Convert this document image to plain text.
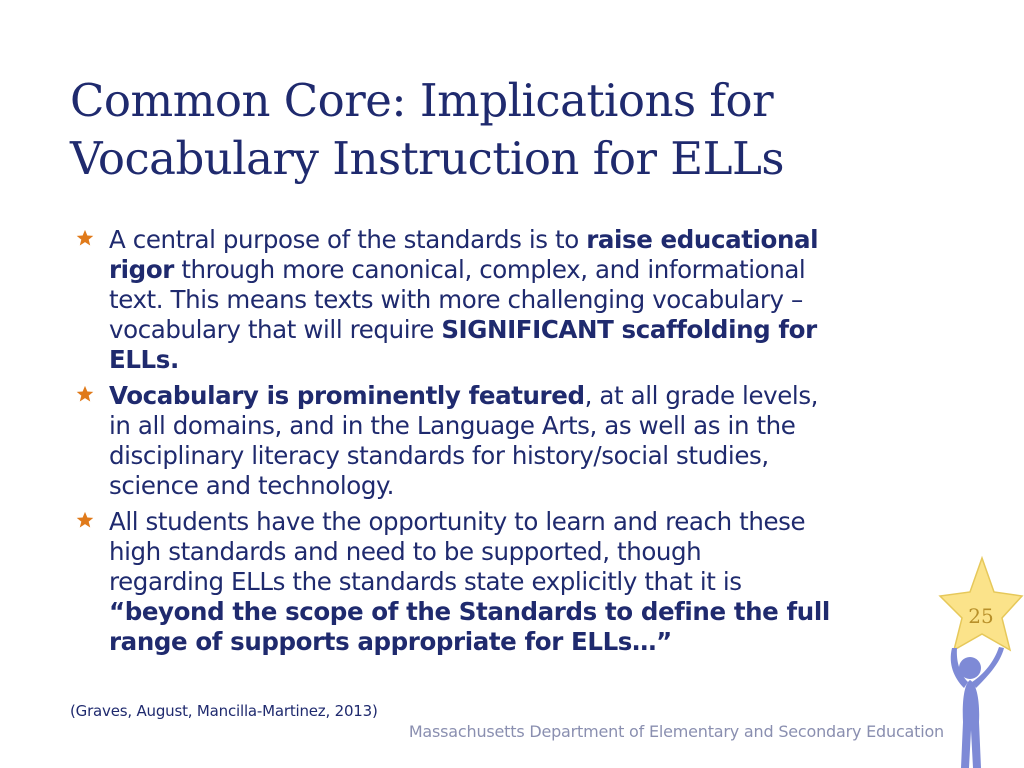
Common Core: Implications for
Vocabulary Instruction for ELLs
A central purpose of the standards is to raise educational
rigor through more canonical, complex, and informational
text. This means texts with more challenging vocabulary –
vocabulary that will require SIGNIFICANT scaffolding for
ELLs.
Vocabulary is prominently featured, at all grade levels,
in all domains, and in the Language Arts, as well as in the
disciplinary literacy standards for history/social studies,
science and technology.
All students have the opportunity to learn and reach these
high standards and need to be supported, though
regarding ELLs the standards state explicitly that it is
“beyond the scope of the Standards to define the full
range of supports appropriate for ELLs…”
(Graves, August, Mancilla-Martinez, 2013)
Massachusetts Department of Elementary and Secondary Education
25
